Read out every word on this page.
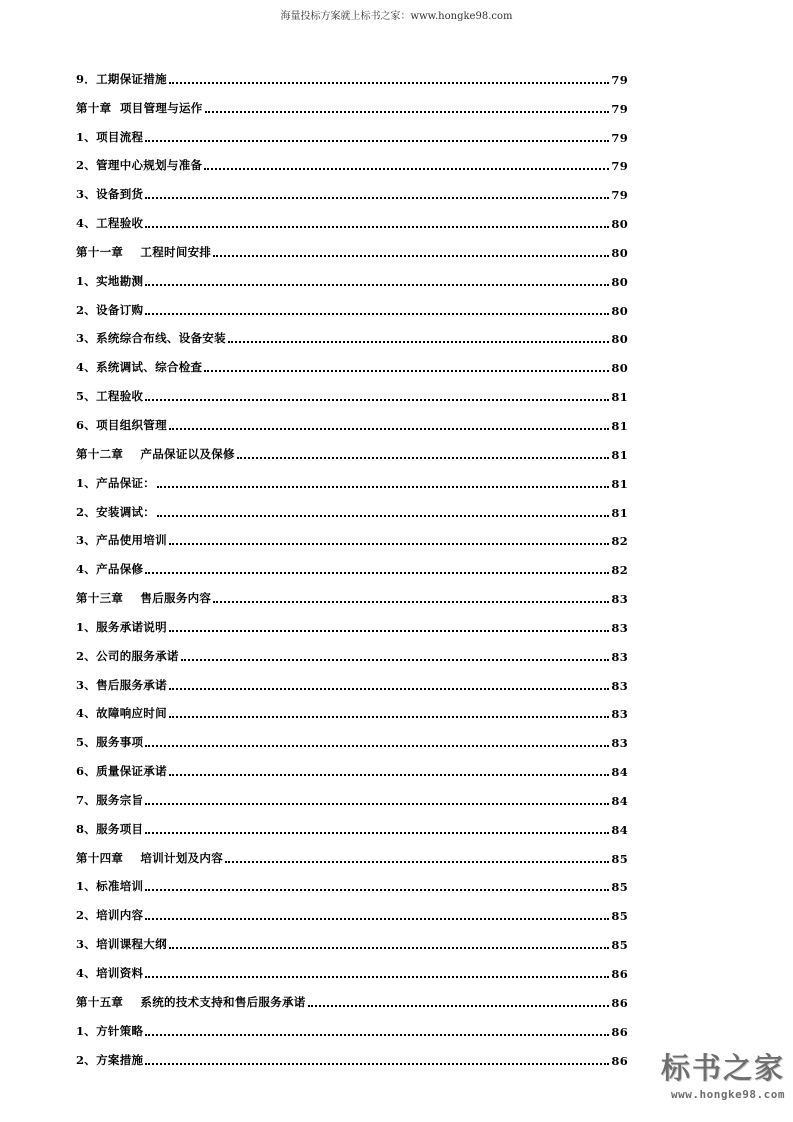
海量投标方案就上标书之家：www.hongke98.com
9．工期保证措施	79
第十章  项目管理与运作	79
1、项目流程	79
2、管理中心规划与准备	79
3、设备到货	79
4、工程验收	80
第十一章    工程时间安排	80
1、实地勘测	80
2、设备订购	80
3、系统综合布线、设备安装	80
4、系统调试、综合检查	80
5、工程验收	81
6、项目组织管理	81
第十二章    产品保证以及保修	81
1、产品保证：	81
2、安装调试：	81
3、产品使用培训	82
4、产品保修	82
第十三章    售后服务内容	83
1、服务承诺说明	83
2、公司的服务承诺	83
3、售后服务承诺	83
4、故障响应时间	83
5、服务事项	83
6、质量保证承诺	84
7、服务宗旨	84
8、服务项目	84
第十四章    培训计划及内容	85
1、标准培训	85
2、培训内容	85
3、培训课程大纲	85
4、培训资料	86
第十五章    系统的技术支持和售后服务承诺	86
1、方针策略	86
2、方案措施	86	标书之家
www.hongke98.com
